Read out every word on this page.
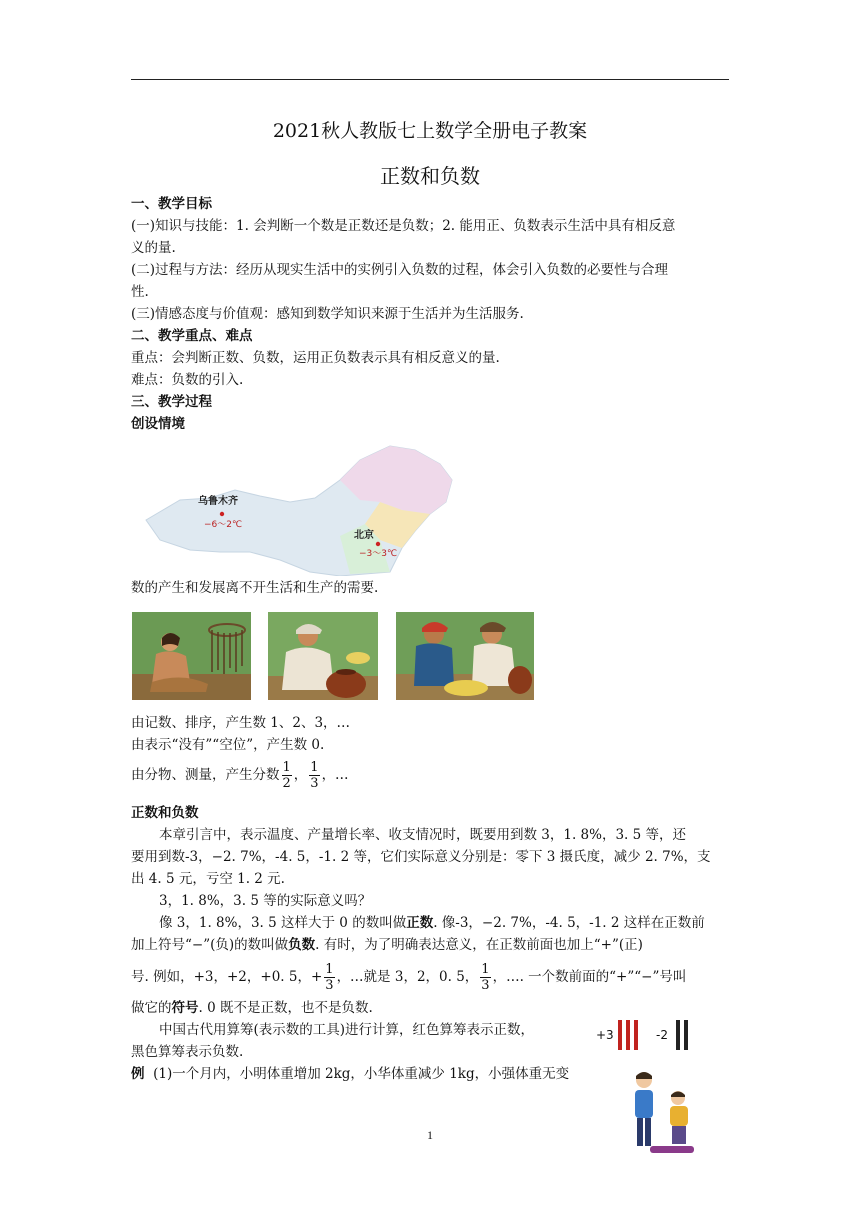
2021秋人教版七上数学全册电子教案
正数和负数
一、教学目标
(一)知识与技能：1. 会判断一个数是正数还是负数；2. 能用正、负数表示生活中具有相反意
义的量.
(二)过程与方法：经历从现实生活中的实例引入负数的过程，体会引入负数的必要性与合理
性.
(三)情感态度与价值观：感知到数学知识来源于生活并为生活服务.
二、教学重点、难点
重点：会判断正数、负数，运用正负数表示具有相反意义的量.
难点：负数的引入.
三、教学过程
创设情境
乌鲁木齐
−6～2℃
北京
−3～3℃
数的产生和发展离不开生活和生产的需要.
由记数、排序，产生数 1、2、3，…
由表示“没有”“空位”，产生数 0.
由分物、测量，产生分数 $\frac{1}{2}$ ， $\frac{1}{3}$ ，…
正数和负数
本章引言中，表示温度、产量增长率、收支情况时，既要用到数 3，1. 8%，3. 5 等，还
要用到数-3，−2. 7%，-4. 5，-1. 2 等，它们实际意义分别是：零下 3 摄氏度，减少 2. 7%，支
出 4. 5 元，亏空 1. 2 元.
3，1. 8%，3. 5 等的实际意义吗？
像 3，1. 8%，3. 5 这样大于 0 的数叫做正数. 像-3，−2. 7%，-4. 5，-1. 2 这样在正数前
加上符号“−”(负)的数叫做负数. 有时，为了明确表达意义，在正数前面也加上“+”(正)
号. 例如，+3，+2，+0. 5，+ $\frac{1}{3}$ ，…就是 3，2，0. 5， $\frac{1}{3}$ ，…. 一个数前面的“+”“−”号叫
做它的符号. 0 既不是正数，也不是负数.
中国古代用算筹(表示数的工具)进行计算，红色算筹表示正数，
黑色算筹表示负数.
例 (1)一个月内，小明体重增加 2kg，小华体重减少 1kg，小强体重无变
+3	-2
1
